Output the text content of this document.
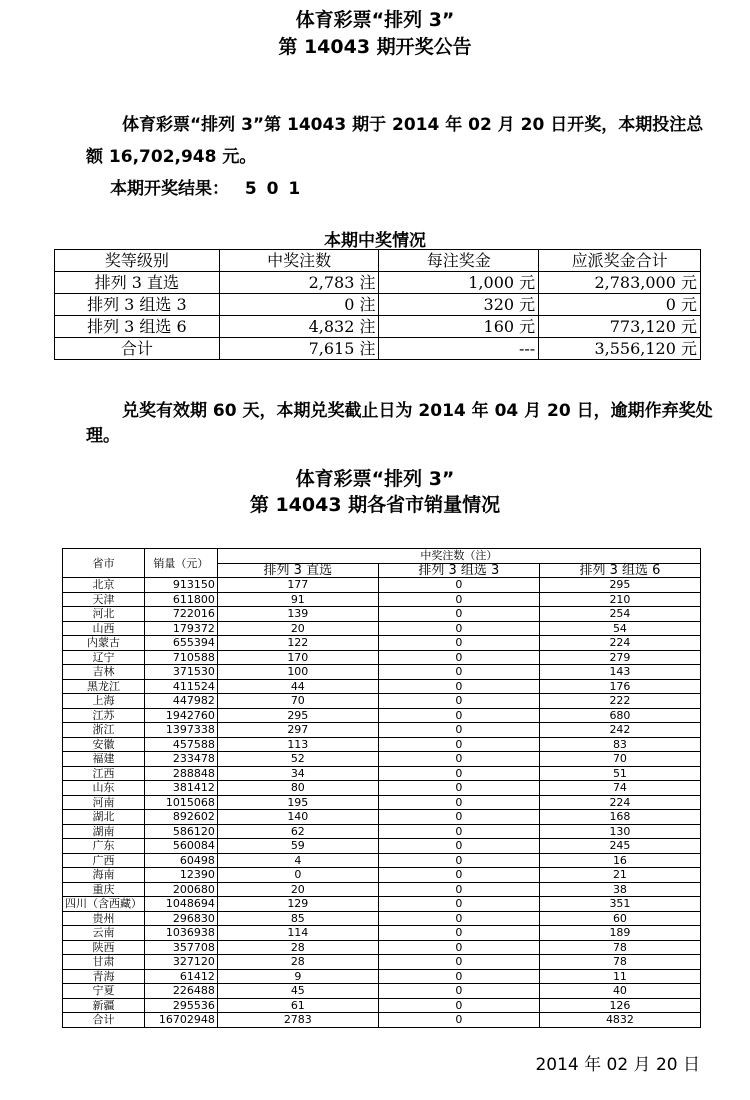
体育彩票“排列 3”
第 14043 期开奖公告
体育彩票“排列 3”第 14043 期于 2014 年 02 月 20 日开奖，本期投注总
额 16,702,948 元。
本期开奖结果： 5 0 1
本期中奖情况
奖等级别	中奖注数	每注奖金	应派奖金合计
排列 3 直选	2,783 注	1,000 元	2,783,000 元
排列 3 组选 3	0 注	320 元	0 元
排列 3 组选 6	4,832 注	160 元	773,120 元
合计	7,615 注	---	3,556,120 元
兑奖有效期 60 天，本期兑奖截止日为 2014 年 04 月 20 日，逾期作弃奖处
理。
体育彩票“排列 3”
第 14043 期各省市销量情况
省市	销量（元）	中奖注数（注）		
		排列 3 直选	排列 3 组选 3	排列 3 组选 6
北京	913150	177	0	295
天津	611800	91	0	210
河北	722016	139	0	254
山西	179372	20	0	54
内蒙古	655394	122	0	224
辽宁	710588	170	0	279
吉林	371530	100	0	143
黑龙江	411524	44	0	176
上海	447982	70	0	222
江苏	1942760	295	0	680
浙江	1397338	297	0	242
安徽	457588	113	0	83
福建	233478	52	0	70
江西	288848	34	0	51
山东	381412	80	0	74
河南	1015068	195	0	224
湖北	892602	140	0	168
湖南	586120	62	0	130
广东	560084	59	0	245
广西	60498	4	0	16
海南	12390	0	0	21
重庆	200680	20	0	38
四川（含西藏）	1048694	129	0	351
贵州	296830	85	0	60
云南	1036938	114	0	189
陕西	357708	28	0	78
甘肃	327120	28	0	78
青海	61412	9	0	11
宁夏	226488	45	0	40
新疆	295536	61	0	126
合计	16702948	2783	0	4832
2014 年 02 月 20 日
